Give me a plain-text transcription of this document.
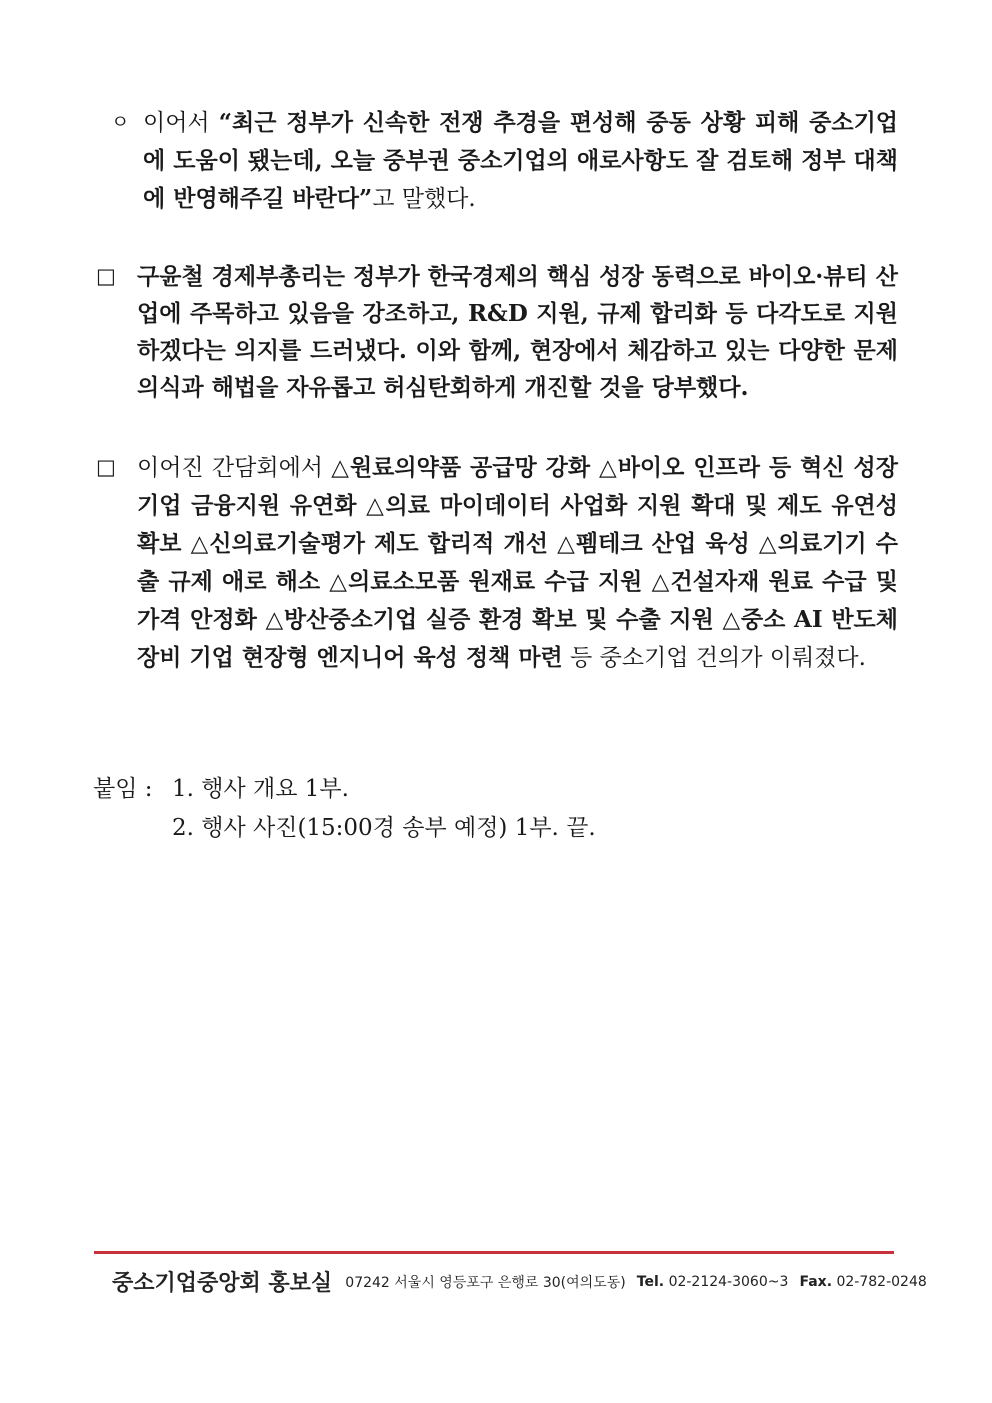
ㅇ 이어서 “최근 정부가 신속한 전쟁 추경을 편성해 중동 상황 피해 중소기업에 도움이 됐는데, 오늘 중부권 중소기업의 애로사항도 잘 검토해 정부 대책에 반영해주길 바란다”고 말했다.
□ 구윤철 경제부총리는 정부가 한국경제의 핵심 성장 동력으로 바이오·뷰티 산업에 주목하고 있음을 강조하고, R&D 지원, 규제 합리화 등 다각도로 지원하겠다는 의지를 드러냈다. 이와 함께, 현장에서 체감하고 있는 다양한 문제의식과 해법을 자유롭고 허심탄회하게 개진할 것을 당부했다.
□ 이어진 간담회에서 △원료의약품 공급망 강화 △바이오 인프라 등 혁신 성장기업 금융지원 유연화 △의료 마이데이터 사업화 지원 확대 및 제도 유연성 확보 △신의료기술평가 제도 합리적 개선 △펨테크 산업 육성 △의료기기 수출 규제 애로 해소 △의료소모품 원재료 수급 지원 △건설자재 원료 수급 및 가격 안정화 △방산중소기업 실증 환경 확보 및 수출 지원 △중소 AI 반도체 장비 기업 현장형 엔지니어 육성 정책 마련 등 중소기업 건의가 이뤄졌다.
붙임 : 1. 행사 개요 1부.
2. 행사 사진(15:00경 송부 예정) 1부. 끝.
중소기업중앙회 홍보실 07242 서울시 영등포구 은행로 30(여의도동) Tel. 02-2124-3060~3 Fax. 02-782-0248
